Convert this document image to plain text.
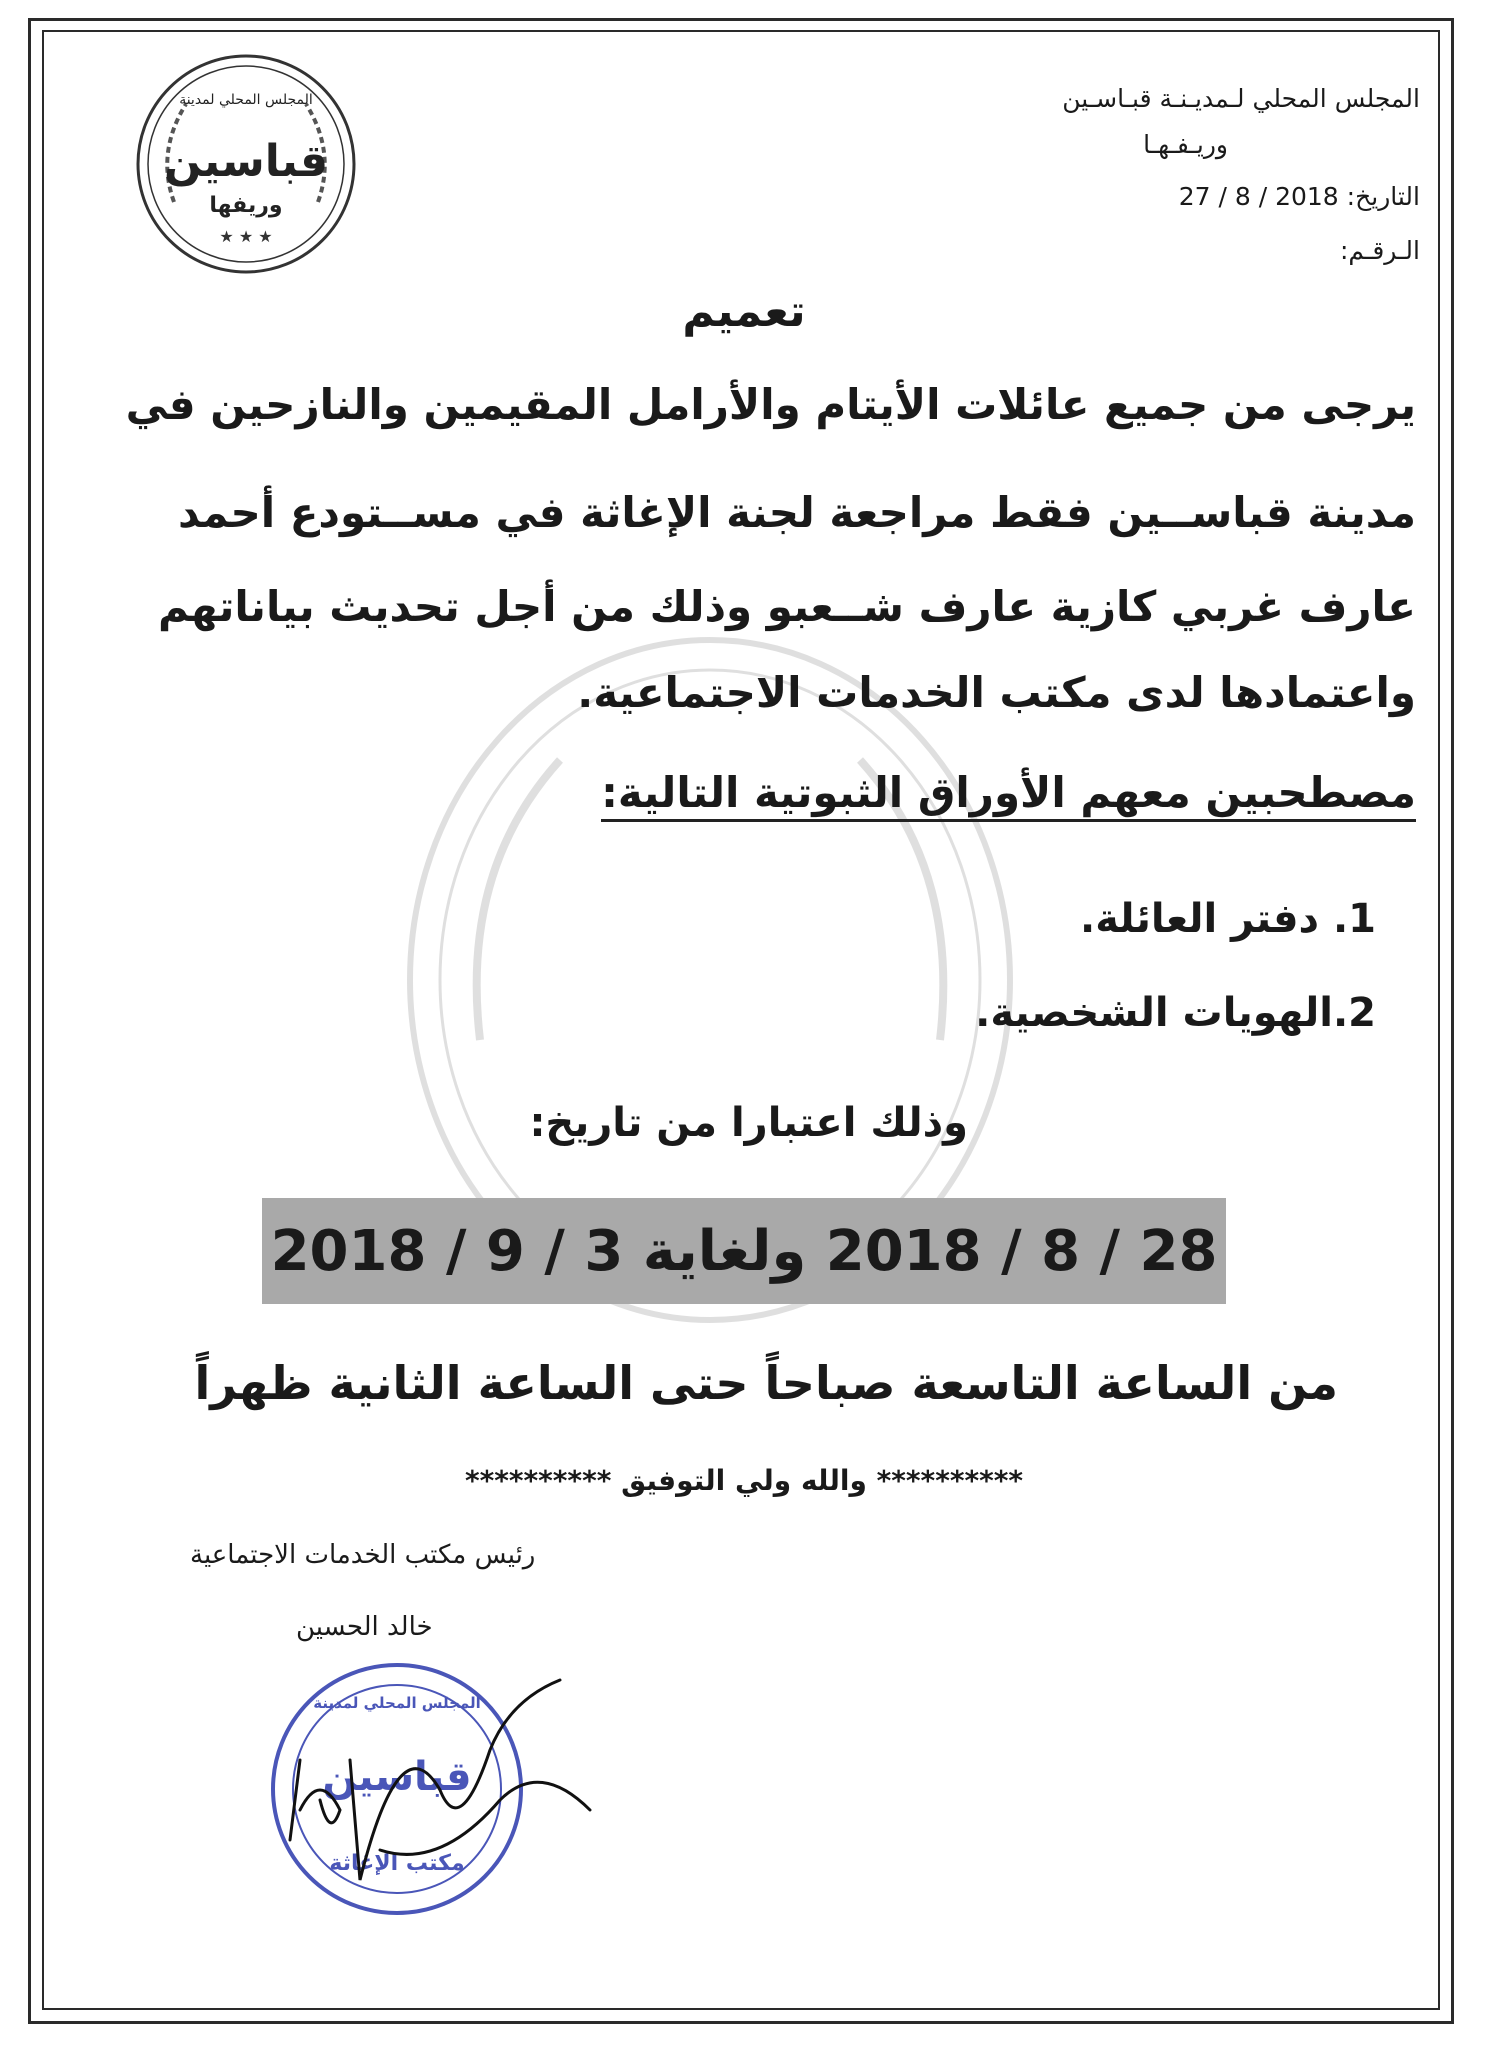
المجلس المحلي لمدينة
قباسين
وريفها
★ ★ ★
المجلس المحلي لـمديـنـة قبـاسـين
وريـفـهـا
التاريخ: 27 / 8 / 2018
الـرقـم:
تعميم
يرجى من جميع عائلات الأيتام والأرامل المقيمين والنازحين في
مدينة قباســين فقط مراجعة لجنة الإغاثة في مســتودع أحمد
عارف غربي كازية عارف شــعبو وذلك من أجل تحديث بياناتهم
واعتمادها لدى مكتب الخدمات الاجتماعية.
مصطحبين معهم الأوراق الثبوتية التالية:
1. دفتر العائلة.
2.الهويات الشخصية.
وذلك اعتبارا من تاريخ:
28 / 8 / 2018 ولغاية 3 / 9 / 2018
من الساعة التاسعة صباحاً حتى الساعة الثانية ظهراً
********** والله ولي التوفيق **********
رئيس مكتب الخدمات الاجتماعية
خالد الحسين
المجلس المحلي لمدينة
قباسين
مكتب الإغاثة
